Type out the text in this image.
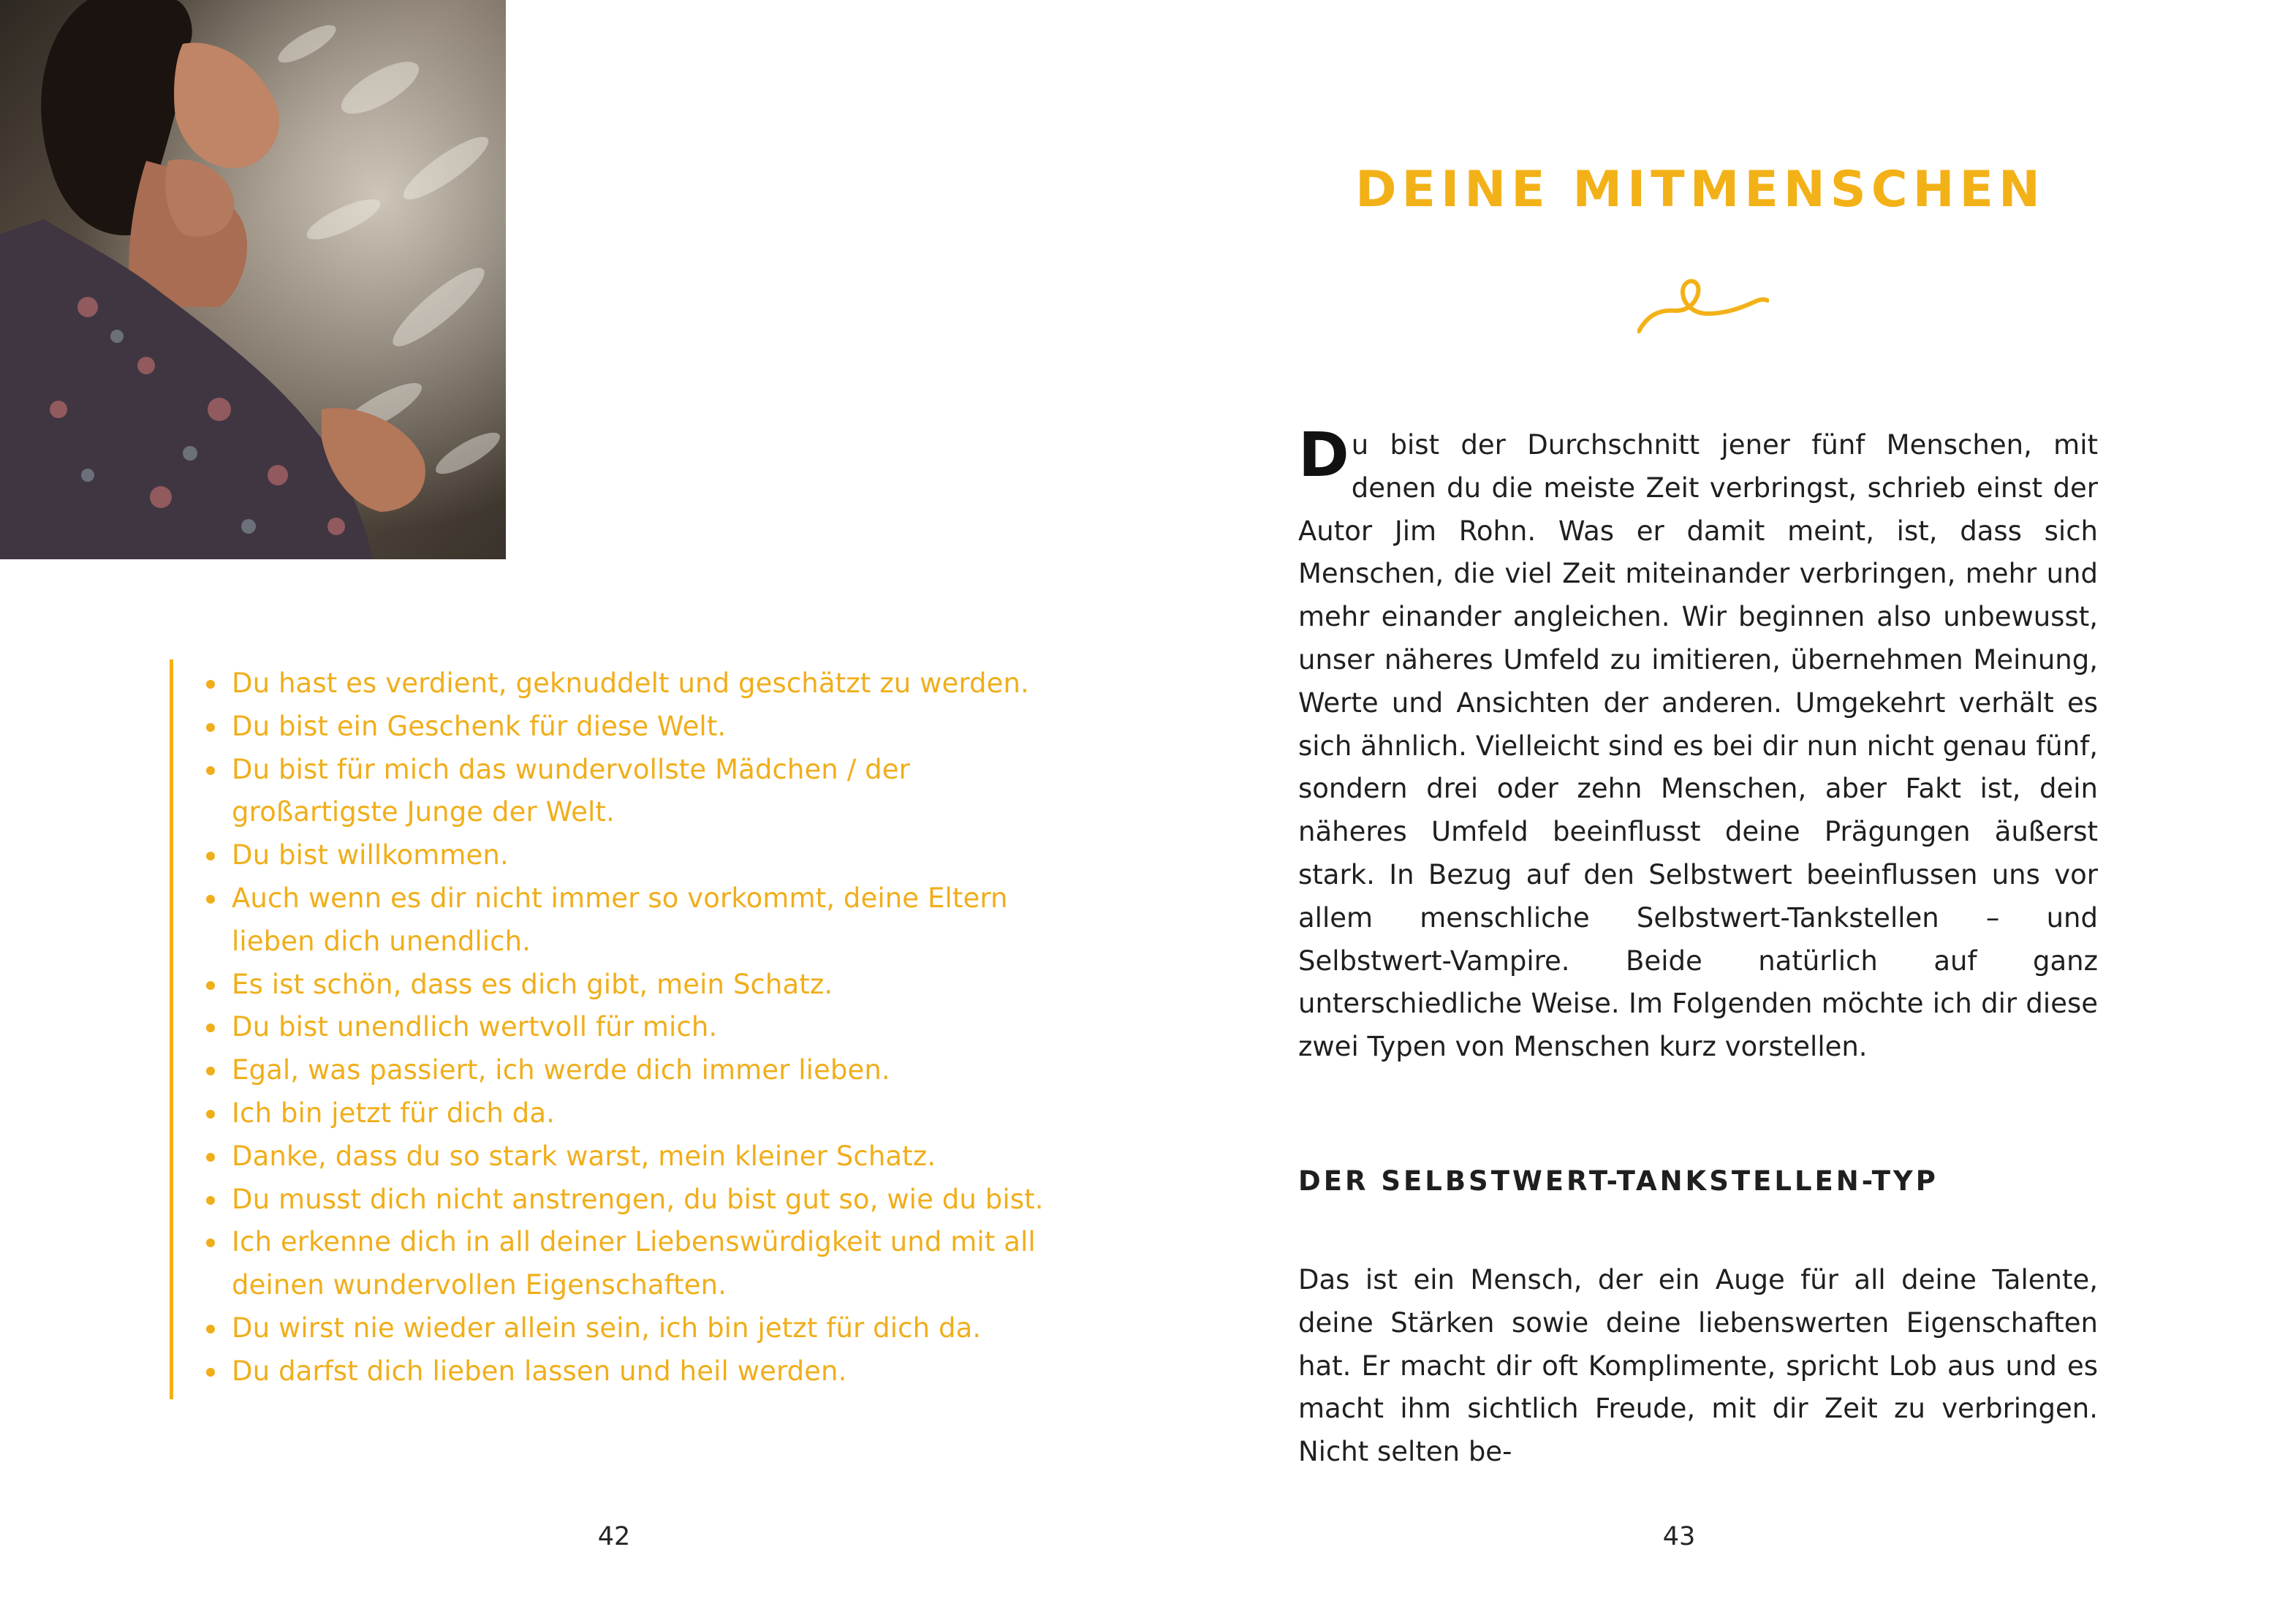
Du hast es verdient, geknuddelt und geschätzt zu werden.
Du bist ein Geschenk für diese Welt.
Du bist für mich das wundervollste Mädchen / der großartigste Junge der Welt.
Du bist willkommen.
Auch wenn es dir nicht immer so vorkommt, deine Eltern lieben dich unendlich.
Es ist schön, dass es dich gibt, mein Schatz.
Du bist unendlich wertvoll für mich.
Egal, was passiert, ich werde dich immer lieben.
Ich bin jetzt für dich da.
Danke, dass du so stark warst, mein kleiner Schatz.
Du musst dich nicht anstrengen, du bist gut so, wie du bist.
Ich erkenne dich in all deiner Liebenswürdigkeit und mit all deinen wundervollen Eigenschaften.
Du wirst nie wieder allein sein, ich bin jetzt für dich da.
Du darfst dich lieben lassen und heil werden.
42
DEINE MITMENSCHEN
Du bist der Durchschnitt jener fünf Menschen, mit denen du die meiste Zeit verbringst, schrieb einst der Autor Jim Rohn. Was er damit meint, ist, dass sich Menschen, die viel Zeit miteinander verbringen, mehr und mehr einander angleichen. Wir beginnen also unbewusst, unser näheres Umfeld zu imitieren, übernehmen Meinung, Werte und Ansichten der anderen. Umgekehrt verhält es sich ähnlich. Vielleicht sind es bei dir nun nicht genau fünf, sondern drei oder zehn Menschen, aber Fakt ist, dein näheres Umfeld beeinflusst deine Prägungen äußerst stark. In Bezug auf den Selbstwert beeinflussen uns vor allem menschliche Selbstwert-Tankstellen – und Selbstwert-Vampire. Beide natürlich auf ganz unterschiedliche Weise. Im Folgenden möchte ich dir diese zwei Typen von Menschen kurz vorstellen.
DER SELBSTWERT-TANKSTELLEN-TYP
Das ist ein Mensch, der ein Auge für all deine Talente, deine Stärken sowie deine liebenswerten Eigenschaften hat. Er macht dir oft Komplimente, spricht Lob aus und es macht ihm sichtlich Freude, mit dir Zeit zu verbringen. Nicht selten be-
43
